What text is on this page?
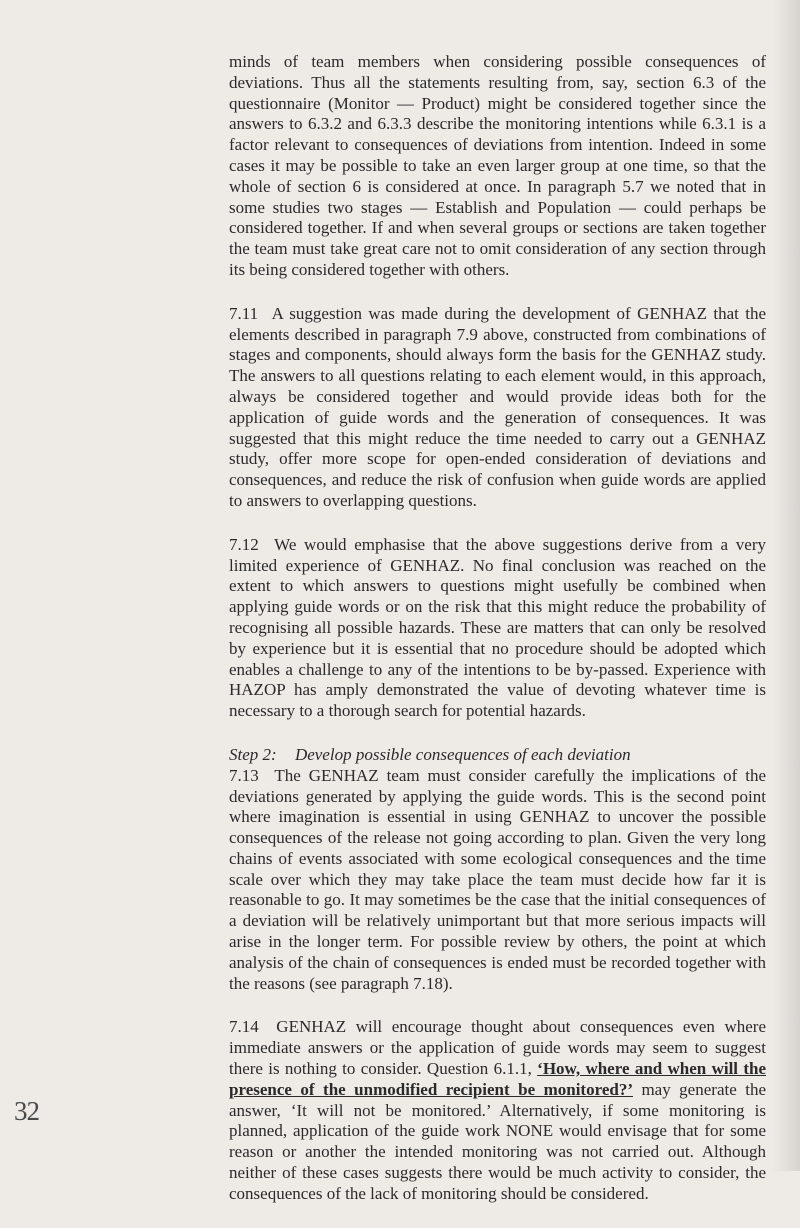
32

minds of team members when considering possible consequences of deviations. Thus all the statements resulting from, say, section 6.3 of the questionnaire (Monitor — Product) might be considered together since the answers to 6.3.2 and 6.3.3 describe the monitoring intentions while 6.3.1 is a factor relevant to consequences of deviations from intention. Indeed in some cases it may be possible to take an even larger group at one time, so that the whole of section 6 is considered at once. In paragraph 5.7 we noted that in some studies two stages — Establish and Population — could perhaps be considered together. If and when several groups or sections are taken together the team must take great care not to omit consideration of any section through its being considered together with others.

7.11 A suggestion was made during the development of GENHAZ that the elements described in paragraph 7.9 above, constructed from combinations of stages and components, should always form the basis for the GENHAZ study. The answers to all questions relating to each element would, in this approach, always be considered together and would provide ideas both for the application of guide words and the generation of consequences. It was suggested that this might reduce the time needed to carry out a GENHAZ study, offer more scope for open-ended consideration of deviations and consequences, and reduce the risk of confusion when guide words are applied to answers to overlapping questions.

7.12 We would emphasise that the above suggestions derive from a very limited experience of GENHAZ. No final conclusion was reached on the extent to which answers to questions might usefully be combined when applying guide words or on the risk that this might reduce the probability of recognising all possible hazards. These are matters that can only be resolved by experience but it is essential that no procedure should be adopted which enables a challenge to any of the intentions to be by-passed. Experience with HAZOP has amply demonstrated the value of devoting whatever time is necessary to a thorough search for potential hazards.

Step 2: Develop possible consequences of each deviation

7.13 The GENHAZ team must consider carefully the implications of the deviations generated by applying the guide words. This is the second point where imagination is essential in using GENHAZ to uncover the possible consequences of the release not going according to plan. Given the very long chains of events associated with some ecological consequences and the time scale over which they may take place the team must decide how far it is reasonable to go. It may sometimes be the case that the initial consequences of a deviation will be relatively unimportant but that more serious impacts will arise in the longer term. For possible review by others, the point at which analysis of the chain of consequences is ended must be recorded together with the reasons (see paragraph 7.18).

7.14 GENHAZ will encourage thought about consequences even where immediate answers or the application of guide words may seem to suggest there is nothing to consider. Question 6.1.1, ‘How, where and when will the presence of the unmodified recipient be monitored?’ may generate the answer, ‘It will not be monitored.’ Alternatively, if some monitoring is planned, application of the guide work NONE would envisage that for some reason or another the intended monitoring was not carried out. Although neither of these cases suggests there would be much activity to consider, the consequences of the lack of monitoring should be considered.
